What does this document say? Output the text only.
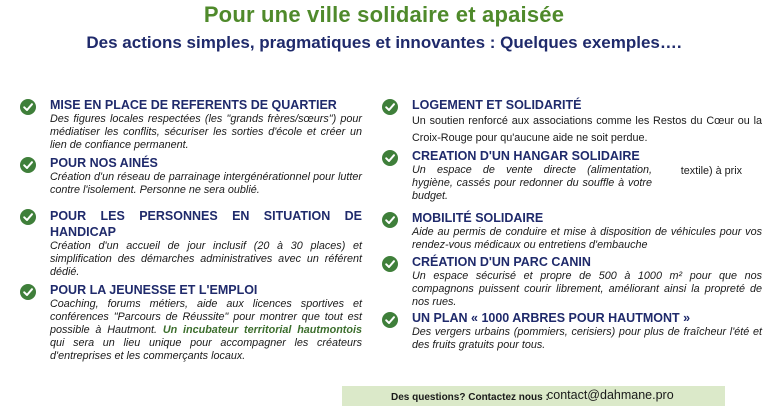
Pour une ville solidaire et apaisée
Des actions simples, pragmatiques et innovantes : Quelques exemples….
MISE EN PLACE DE REFERENTS DE QUARTIER

Des figures locales respectées (les "grands frères/sœurs") pour médiatiser les conflits, sécuriser les sorties d'école et créer un lien de confiance permanent.

POUR NOS AINÉS

Création d'un réseau de parrainage intergénérationnel pour lutter contre l'isolement. Personne ne sera oublié.

POUR LES PERSONNES EN SITUATION DE HANDICAP

Création d'un accueil de jour inclusif (20 à 30 places) et simplification des démarches administratives avec un référent dédié.

POUR LA JEUNESSE ET L'EMPLOI

Coaching, forums métiers, aide aux licences sportives et conférences "Parcours de Réussite" pour montrer que tout est possible à Hautmont. Un incubateur territorial hautmontois qui sera un lieu unique pour accompagner les créateurs d'entreprises et les commerçants locaux.

LOGEMENT ET SOLIDARITÉ

Un soutien renforcé aux associations comme les Restos du Cœur ou la Croix-Rouge pour qu'aucune aide ne soit perdue.

CREATION D'UN HANGAR SOLIDAIRE

Un espace de vente directe (alimentation, hygiène, cassés pour redonner du souffle à votre budget.

textile) à prix
MOBILITÉ SOLIDAIRE

Aide au permis de conduire et mise à disposition de véhicules pour vos rendez-vous médicaux ou entretiens d'embauche

CRÉATION D'UN PARC CANIN

Un espace sécurisé et propre de 500 à 1000 m² pour que nos compagnons puissent courir librement, améliorant ainsi la propreté de nos rues.

UN PLAN « 1000 ARBRES POUR HAUTMONT »

Des vergers urbains (pommiers, cerisiers) pour plus de fraîcheur l'été et des fruits gratuits pour tous.

Des questions? Contactez nous :
contact@dahmane.pro
